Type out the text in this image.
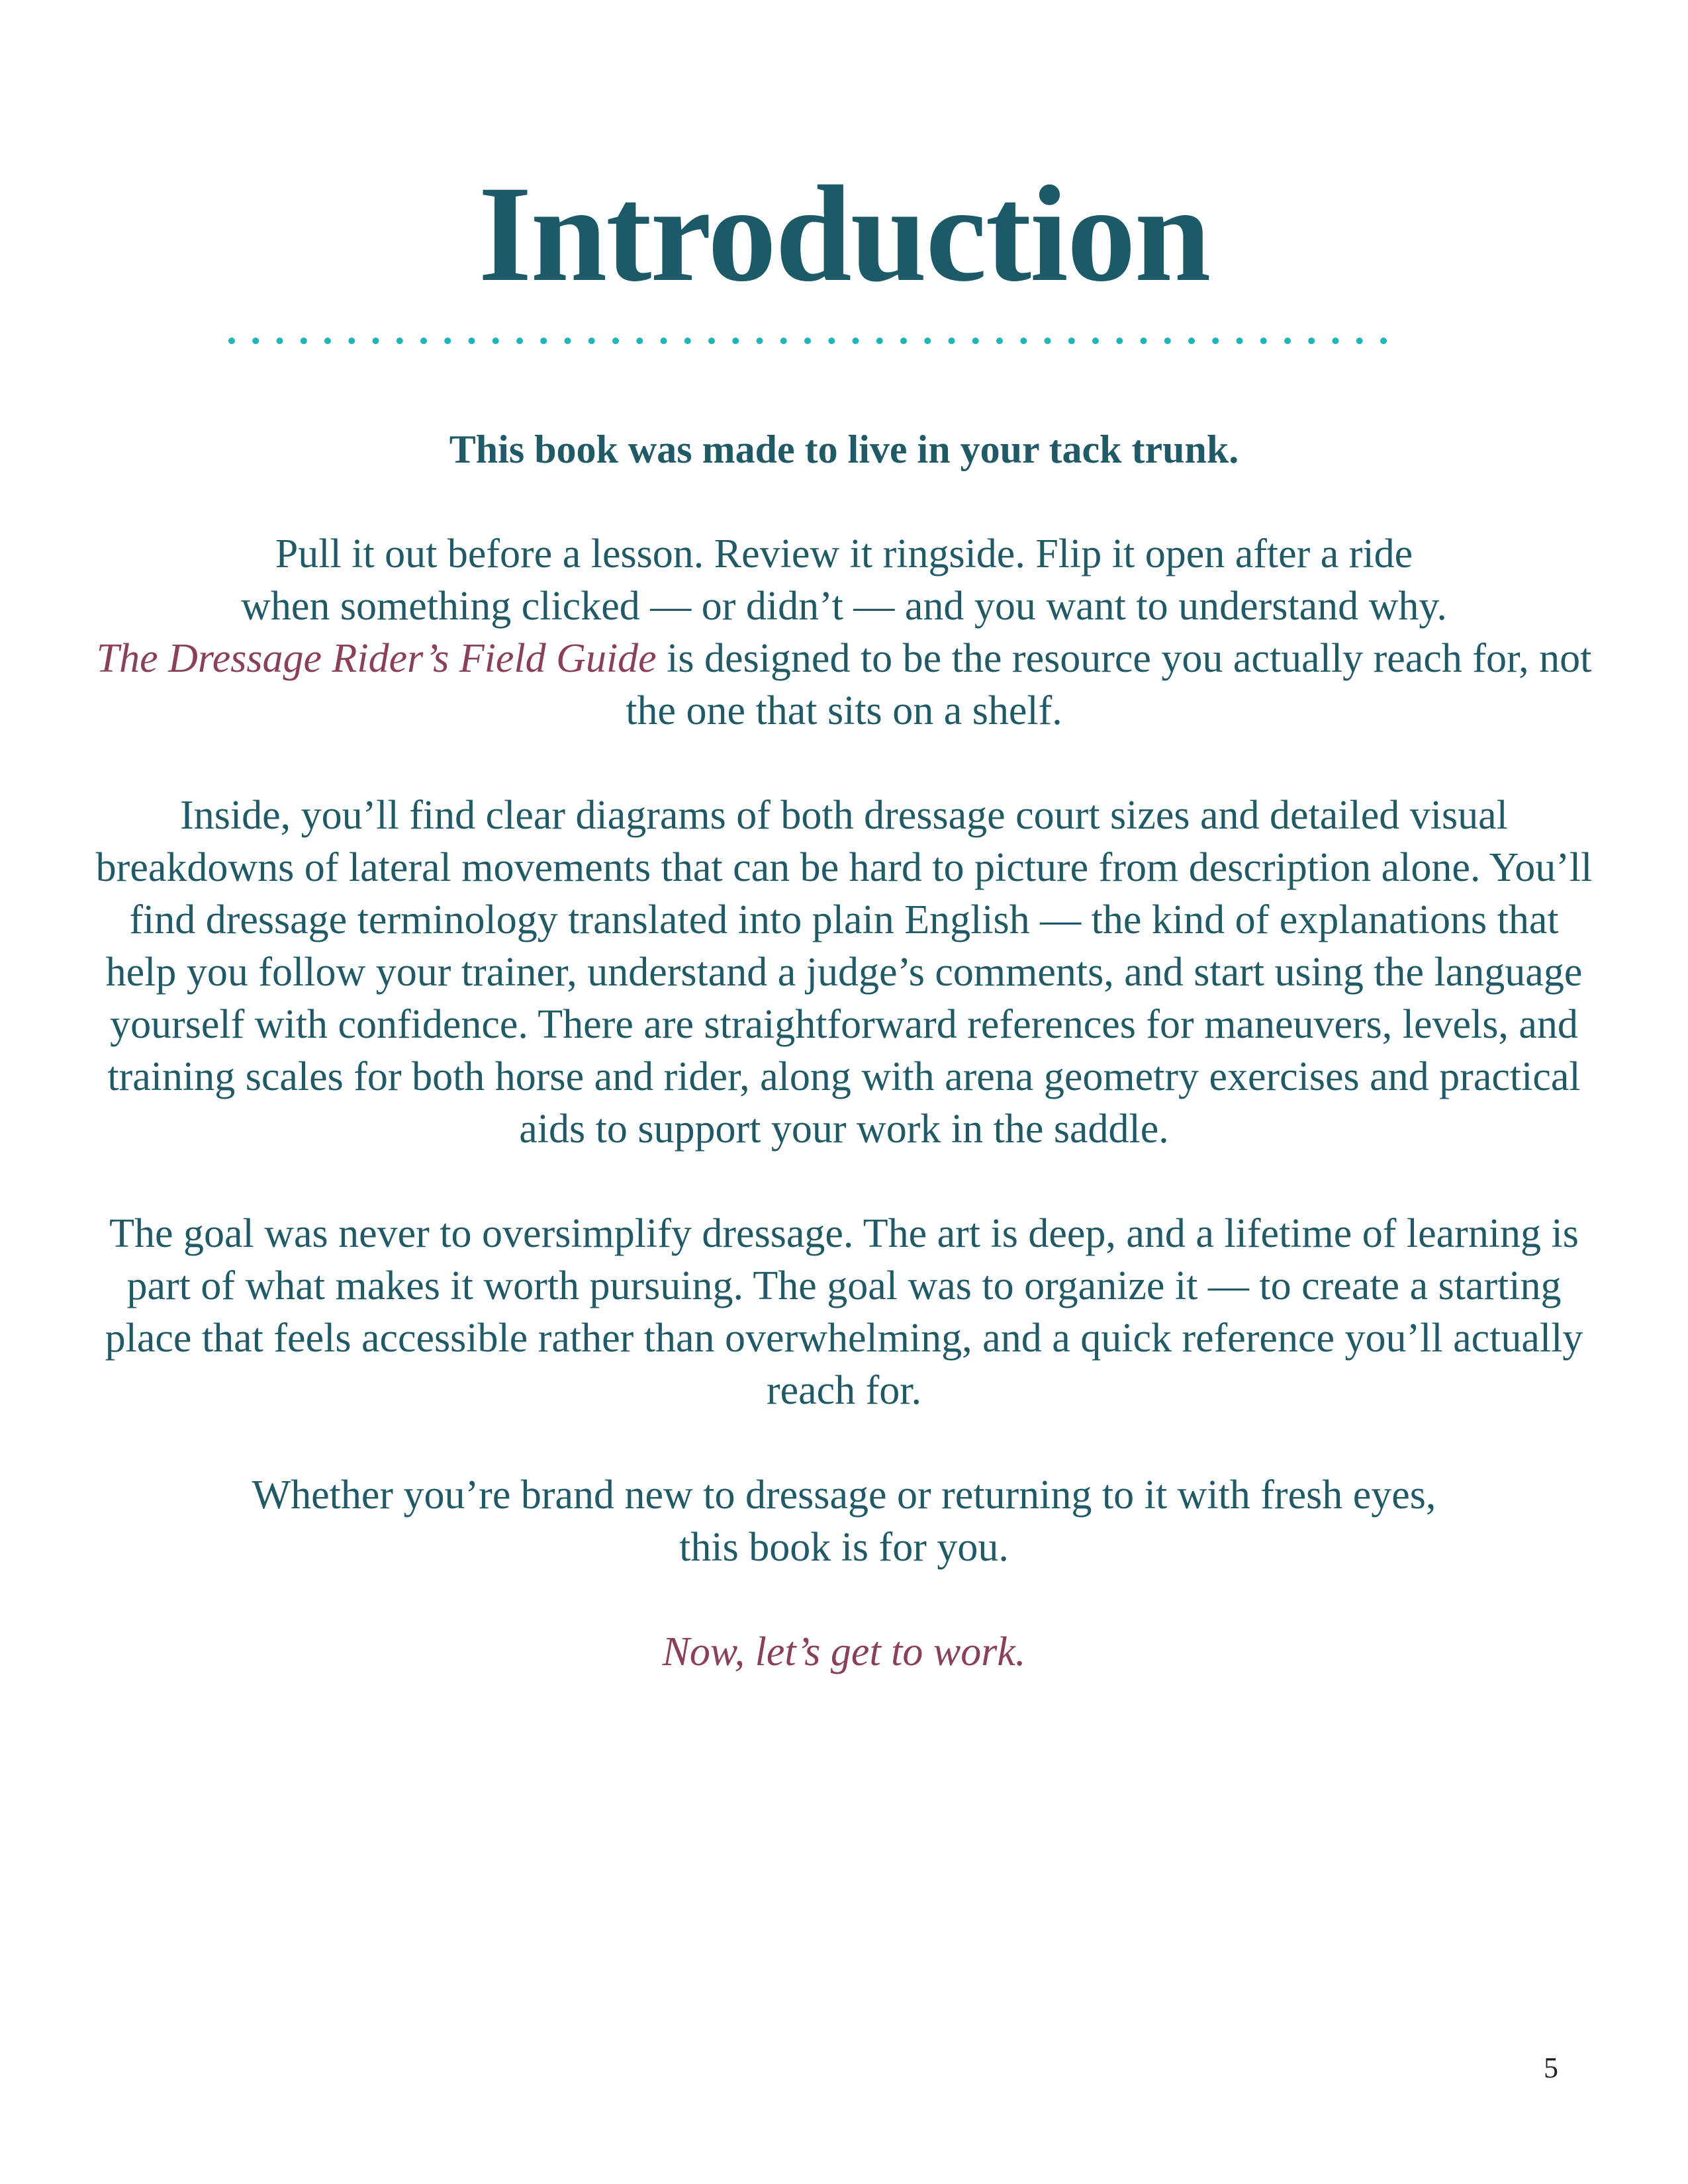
Introduction

This book was made to live in your tack trunk.

Pull it out before a lesson. Review it ringside. Flip it open after a ride
when something clicked — or didn’t — and you want to understand why.
The Dressage Rider’s Field Guide is designed to be the resource you actually reach for, not the one that sits on a shelf.

Inside, you’ll find clear diagrams of both dressage court sizes and detailed visual breakdowns of lateral movements that can be hard to picture from description alone. You’ll find dressage terminology translated into plain English — the kind of explanations that help you follow your trainer, understand a judge’s comments, and start using the language yourself with confidence. There are straightforward references for maneuvers, levels, and training scales for both horse and rider, along with arena geometry exercises and practical aids to support your work in the saddle.

The goal was never to oversimplify dressage. The art is deep, and a lifetime of learning is part of what makes it worth pursuing. The goal was to organize it — to create a starting place that feels accessible rather than overwhelming, and a quick reference you’ll actually reach for.

Whether you’re brand new to dressage or returning to it with fresh eyes,
this book is for you.

Now, let’s get to work.

5
